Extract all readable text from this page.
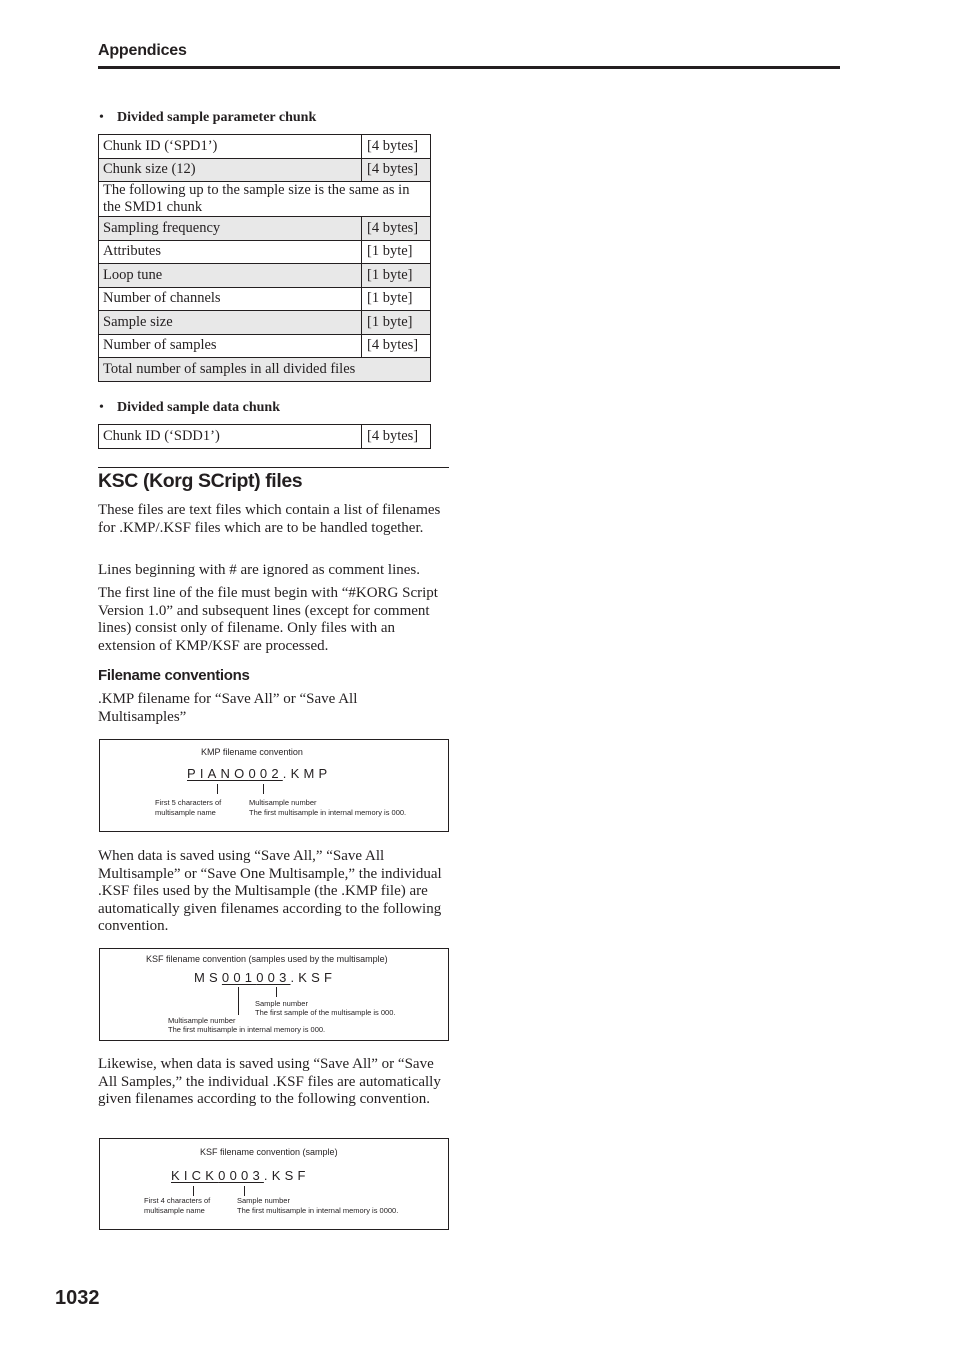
Appendices
• Divided sample parameter chunk
Chunk ID (‘SPD1’)	[4 bytes]
Chunk size (12)	[4 bytes]
The following up to the sample size is the same as in the SMD1 chunk	
Sampling frequency	[4 bytes]
Attributes	[1 byte]
Loop tune	[1 byte]
Number of channels	[1 byte]
Sample size	[1 byte]
Number of samples	[4 bytes]
Total number of samples in all divided files	
• Divided sample data chunk
Chunk ID (‘SDD1’)	[4 bytes]
KSC (Korg SCript) files

These files are text files which contain a list of filenames for .KMP/.KSF files which are to be handled together.

Lines beginning with # are ignored as comment lines.

The first line of the file must begin with “#KORG Script Version 1.0” and subsequent lines (except for comment lines) consist only of filename. Only files with an extension of KMP/KSF are processed.

Filename conventions

.KMP filename for “Save All” or “Save All Multisamples”

KMP filename convention
PIANO002.KMP
First 5 characters of
multisample name
Multisample number
The first multisample in internal memory is 000.

When data is saved using “Save All,” “Save All Multisample” or “Save One Multisample,” the individual .KSF files used by the Multisample (the .KMP file) are automatically given filenames according to the following convention.

KSF filename convention (samples used by the multisample)
MS001003.KSF
Sample number
The first sample of the multisample is 000.
Multisample number
The first multisample in internal memory is 000.

Likewise, when data is saved using “Save All” or “Save All Samples,” the individual .KSF files are automatically given filenames according to the following convention.

KSF filename convention (sample)
KICK0003.KSF
First 4 characters of
multisample name
Sample number
The first multisample in internal memory is 0000.
1032
